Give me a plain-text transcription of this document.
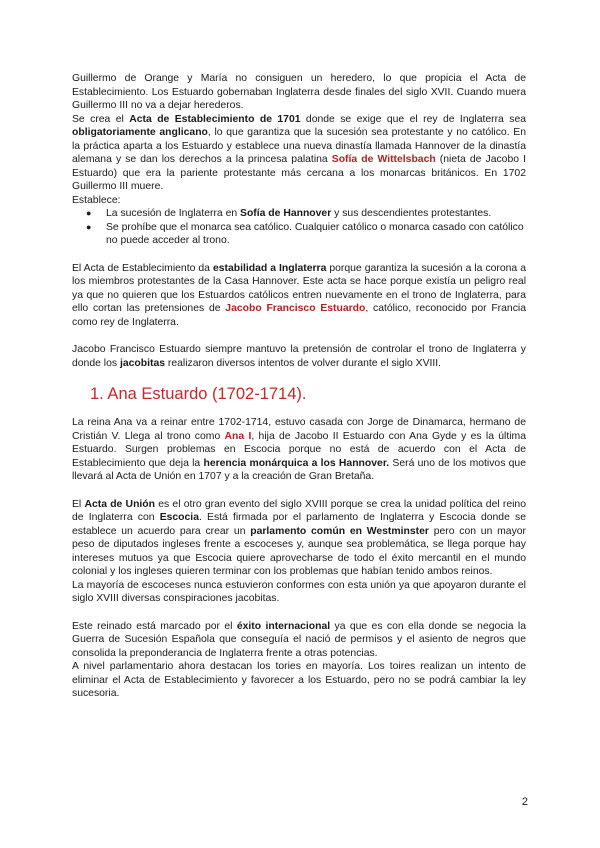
Guillermo de Orange y María no consiguen un heredero, lo que propicia el Acta de Establecimiento. Los Estuardo gobernaban Inglaterra desde finales del siglo XVII. Cuando muera Guillermo III no va a dejar herederos.

Se crea el Acta de Establecimiento de 1701 donde se exige que el rey de Inglaterra sea obligatoriamente anglicano, lo que garantiza que la sucesión sea protestante y no católico. En la práctica aparta a los Estuardo y establece una nueva dinastía llamada Hannover de la dinastía alemana y se dan los derechos a la princesa palatina Sofía de Wittelsbach (nieta de Jacobo I Estuardo) que era la pariente protestante más cercana a los monarcas británicos. En 1702 Guillermo III muere.

Establece:

● La sucesión de Inglaterra en Sofía de Hannover y sus descendientes protestantes.
● Se prohíbe que el monarca sea católico. Cualquier católico o monarca casado con católico no puede acceder al trono.

El Acta de Establecimiento da estabilidad a Inglaterra porque garantiza la sucesión a la corona a los miembros protestantes de la Casa Hannover. Este acta se hace porque existía un peligro real ya que no quieren que los Estuardos católicos entren nuevamente en el trono de Inglaterra, para ello cortan las pretensiones de Jacobo Francisco Estuardo, católico, reconocido por Francia como rey de Inglaterra.

Jacobo Francisco Estuardo siempre mantuvo la pretensión de controlar el trono de Inglaterra y donde los jacobitas realizaron diversos intentos de volver durante el siglo XVIII.

1. Ana Estuardo (1702-1714).

La reina Ana va a reinar entre 1702-1714, estuvo casada con Jorge de Dinamarca, hermano de Cristián V. Llega al trono como Ana I, hija de Jacobo II Estuardo con Ana Gyde y es la última Estuardo. Surgen problemas en Escocia porque no está de acuerdo con el Acta de Establecimiento que deja la herencia monárquica a los Hannover. Será uno de los motivos que llevará al Acta de Unión en 1707 y a la creación de Gran Bretaña.

El Acta de Unión es el otro gran evento del siglo XVIII porque se crea la unidad política del reino de Inglaterra con Escocia. Está firmada por el parlamento de Inglaterra y Escocia donde se establece un acuerdo para crear un parlamento común en Westminster pero con un mayor peso de diputados ingleses frente a escoceses y, aunque sea problemática, se llega porque hay intereses mutuos ya que Escocia quiere aprovecharse de todo el éxito mercantil en el mundo colonial y los ingleses quieren terminar con los problemas que habían tenido ambos reinos.

La mayoría de escoceses nunca estuvieron conformes con esta unión ya que apoyaron durante el siglo XVIII diversas conspiraciones jacobitas.

Este reinado está marcado por el éxito internacional ya que es con ella donde se negocia la Guerra de Sucesión Española que conseguía el nació de permisos y el asiento de negros que consolida la preponderancia de Inglaterra frente a otras potencias.

A nivel parlamentario ahora destacan los tories en mayoría. Los toires realizan un intento de eliminar el Acta de Establecimiento y favorecer a los Estuardo, pero no se podrá cambiar la ley sucesoria.

2
